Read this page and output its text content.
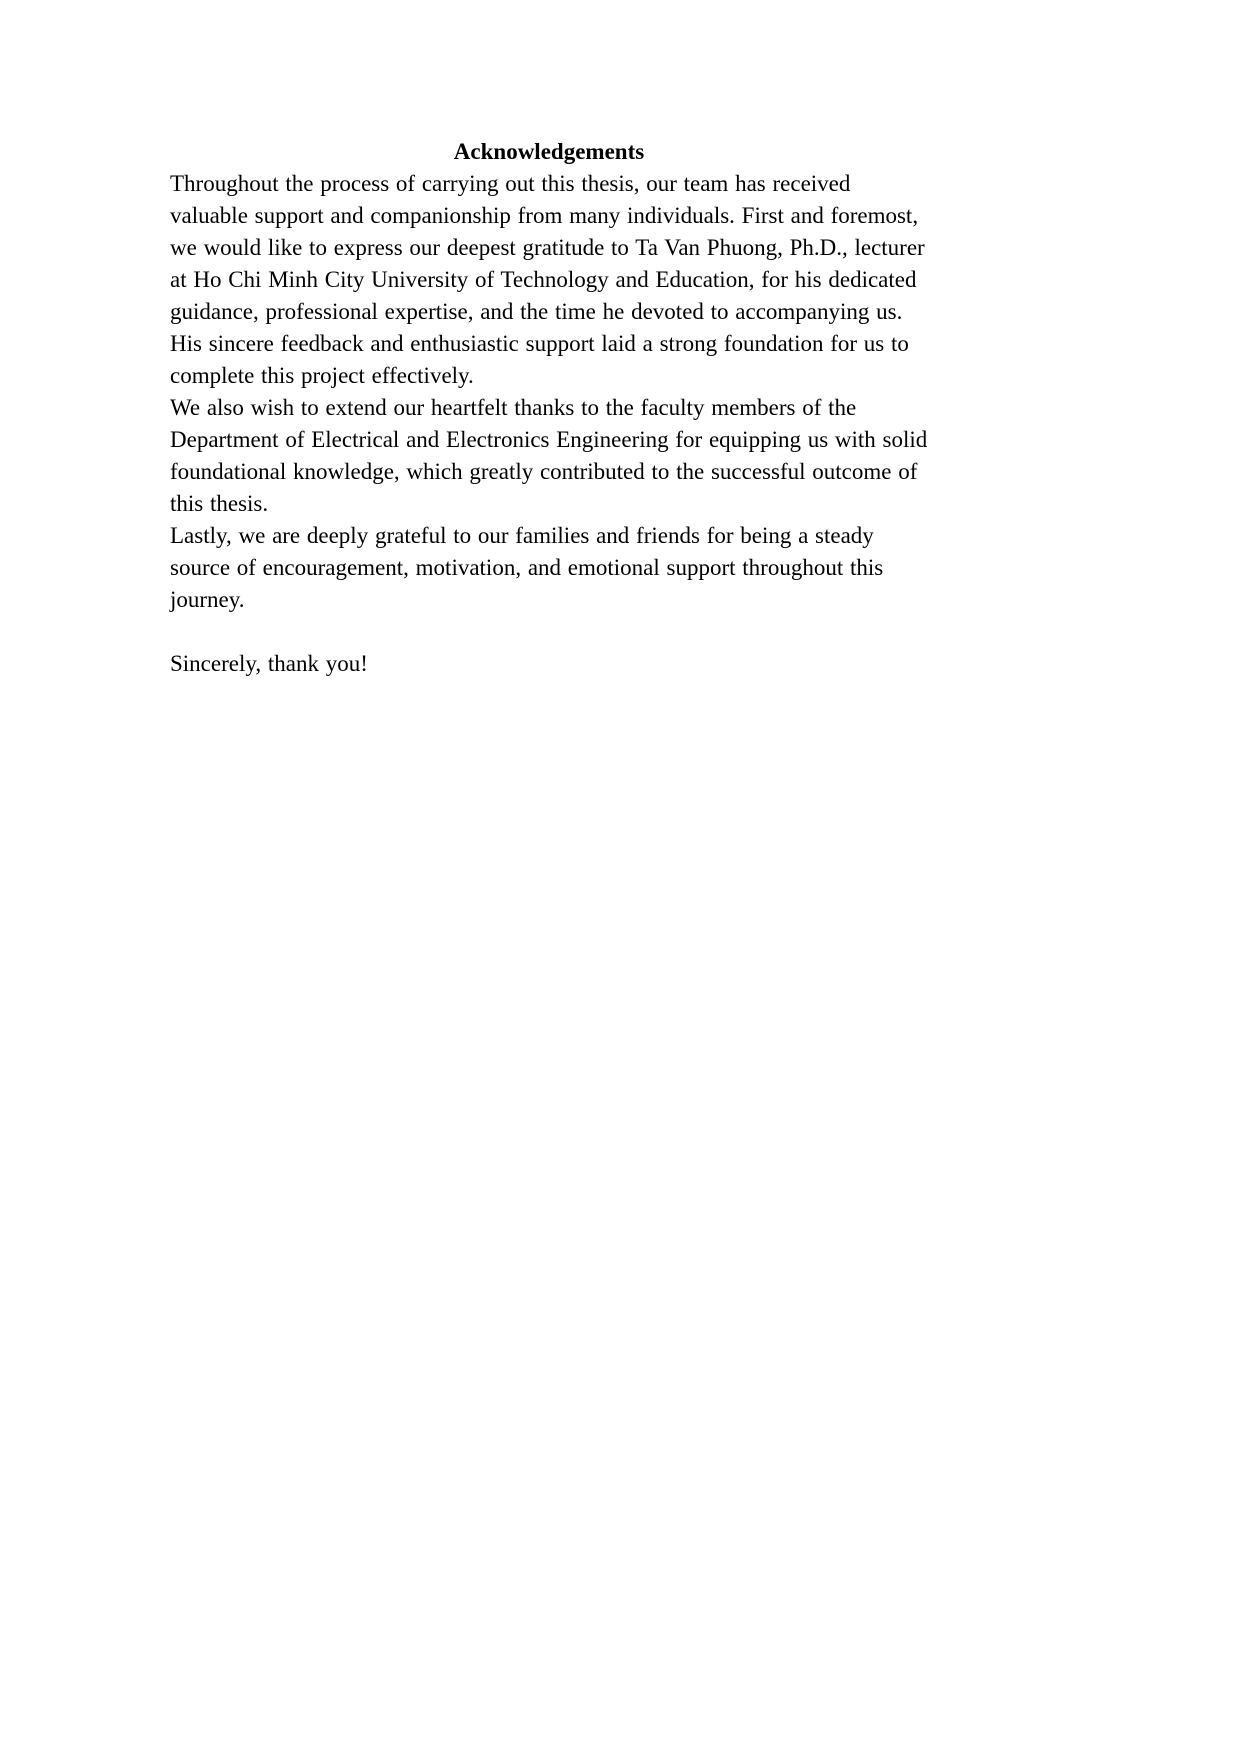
Acknowledgements

Throughout the process of carrying out this thesis, our team has received valuable support and companionship from many individuals. First and foremost, we would like to express our deepest gratitude to Ta Van Phuong, Ph.D., lecturer at Ho Chi Minh City University of Technology and Education, for his dedicated guidance, professional expertise, and the time he devoted to accompanying us. His sincere feedback and enthusiastic support laid a strong foundation for us to complete this project effectively.

We also wish to extend our heartfelt thanks to the faculty members of the Department of Electrical and Electronics Engineering for equipping us with solid foundational knowledge, which greatly contributed to the successful outcome of this thesis.

Lastly, we are deeply grateful to our families and friends for being a steady source of encouragement, motivation, and emotional support throughout this journey.

Sincerely, thank you!
